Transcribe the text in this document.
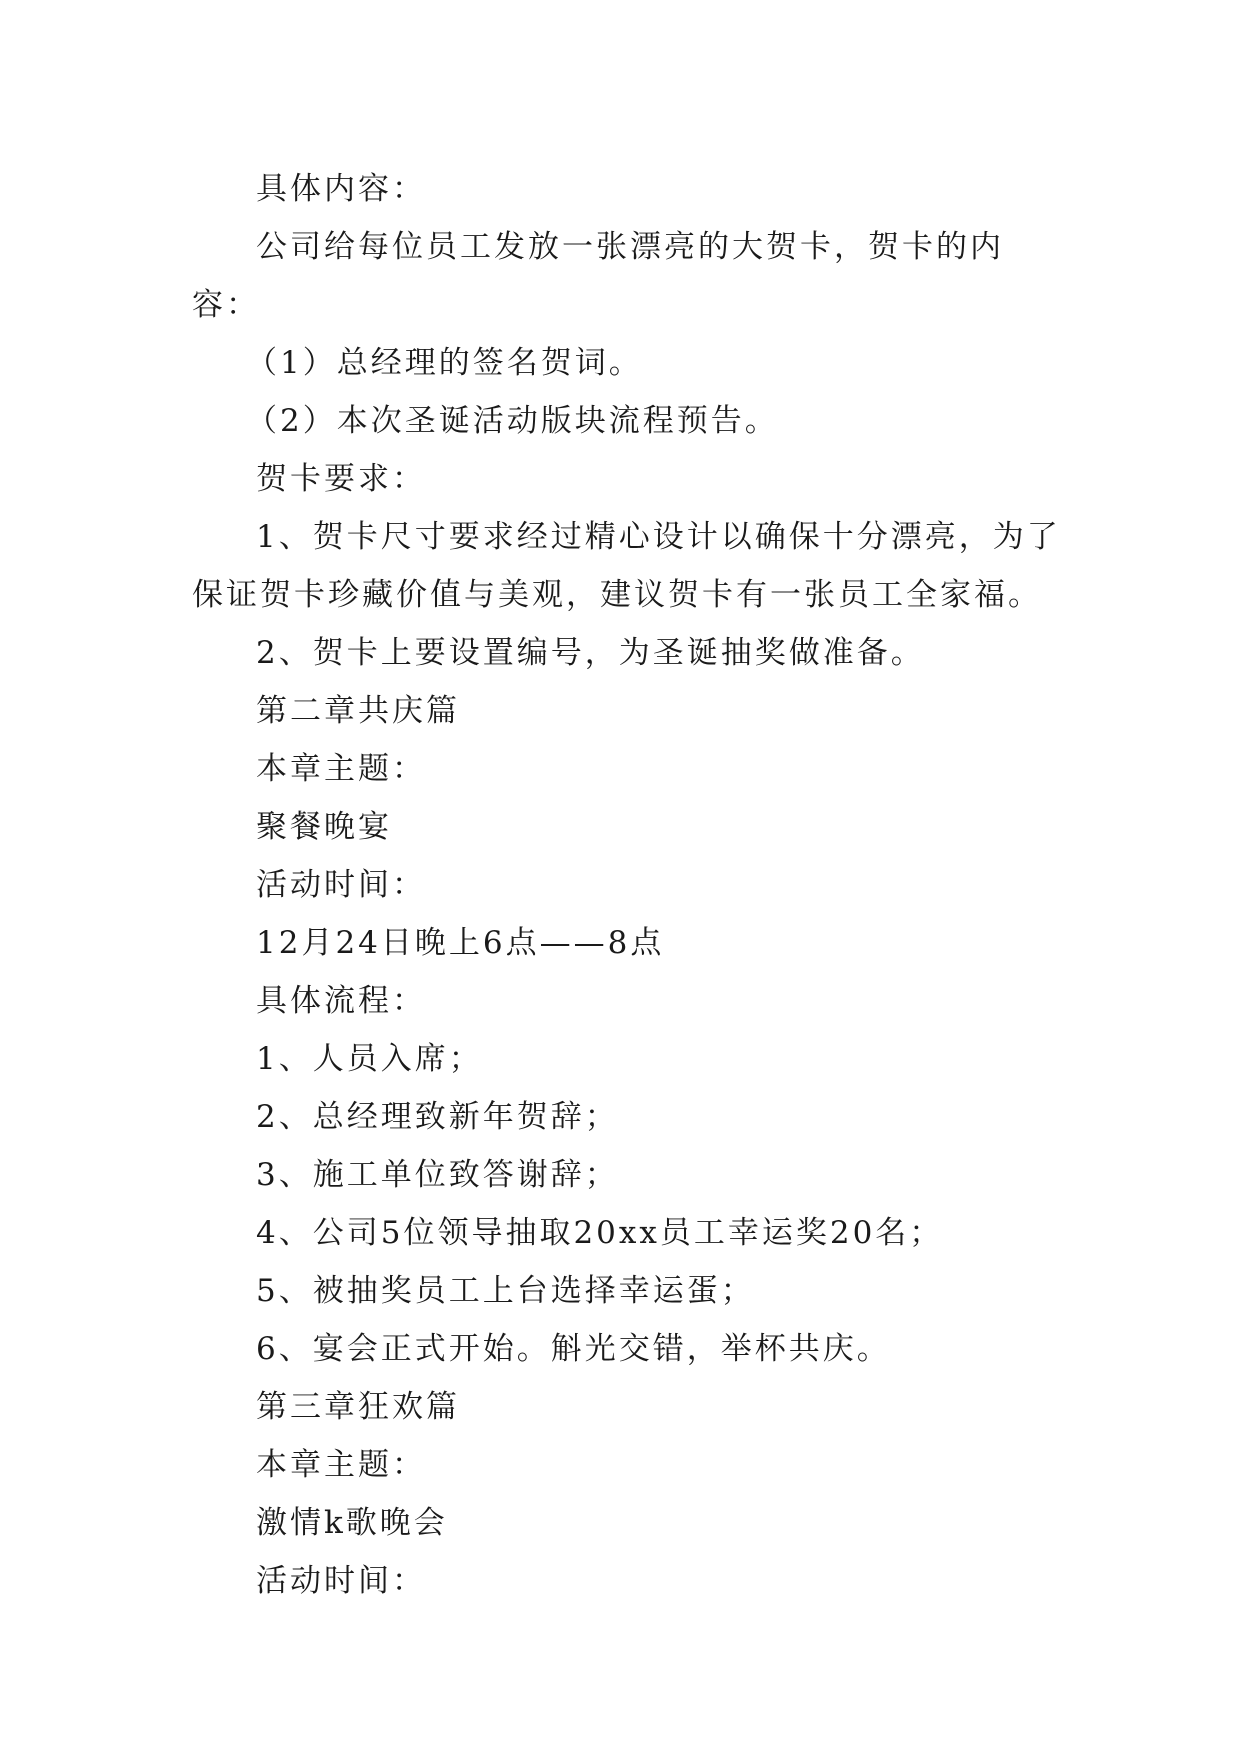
具体内容：

公司给每位员工发放一张漂亮的大贺卡，贺卡的内容：

（1）总经理的签名贺词。

（2）本次圣诞活动版块流程预告。

贺卡要求：

1、贺卡尺寸要求经过精心设计以确保十分漂亮，为了保证贺卡珍藏价值与美观，建议贺卡有一张员工全家福。

2、贺卡上要设置编号，为圣诞抽奖做准备。

第二章共庆篇

本章主题：

聚餐晚宴

活动时间：

12月24日晚上6点——8点

具体流程：

1、人员入席；

2、总经理致新年贺辞；

3、施工单位致答谢辞；

4、公司5位领导抽取20xx员工幸运奖20名；

5、被抽奖员工上台选择幸运蛋；

6、宴会正式开始。斛光交错，举杯共庆。

第三章狂欢篇

本章主题：

激情k歌晚会

活动时间：
